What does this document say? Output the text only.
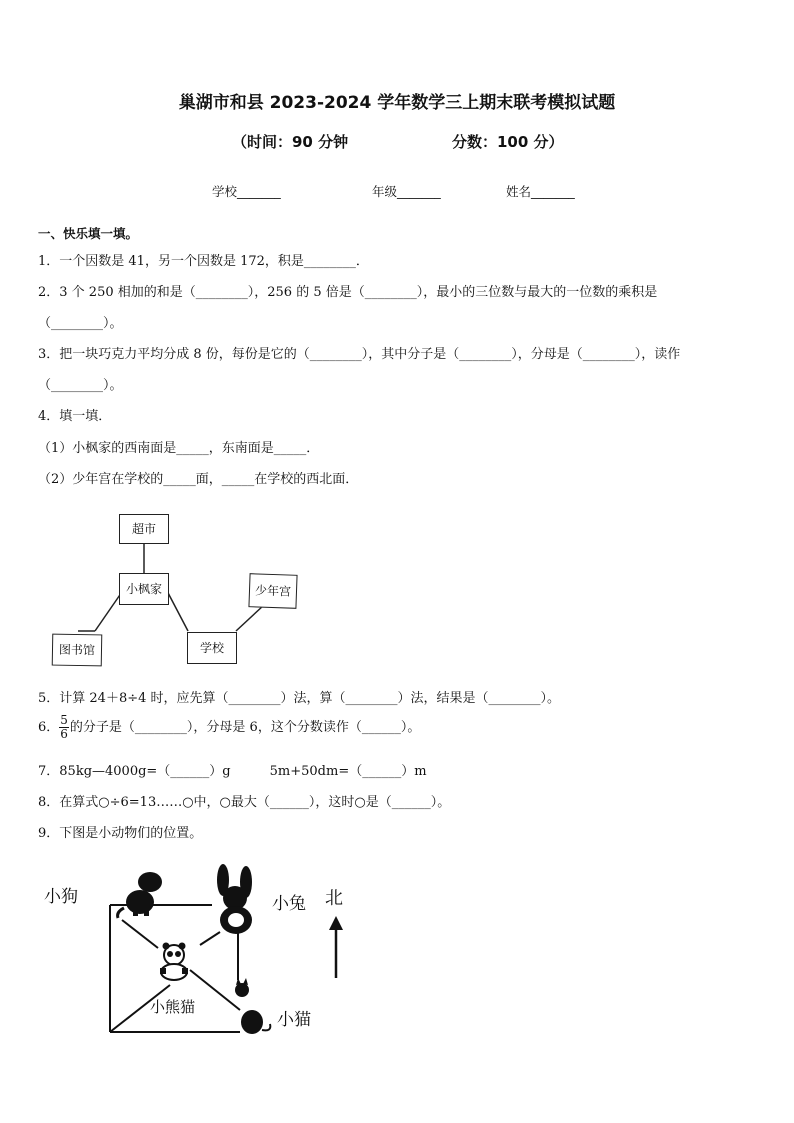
巢湖市和县 2023-2024 学年数学三上期末联考模拟试题
（时间：90 分钟	分数：100 分）
学校_______	年级_______	姓名_______
一、快乐填一填。
1．一个因数是 41，另一个因数是 172，积是________．
2．3 个 250 相加的和是（________），256 的 5 倍是（________），最小的三位数与最大的一位数的乘积是
（________）。
3．把一块巧克力平均分成 8 份，每份是它的（________），其中分子是（________），分母是（________），读作
（________）。
4．填一填．
（1）小枫家的西南面是_____，东南面是_____．
（2）少年宫在学校的_____面，_____在学校的西北面．
超市
小枫家	少年宫
图书馆	学校
5．计算 24＋8÷4 时，应先算（________）法，算（________）法，结果是（________）。
6． $\frac{5}{6}$ 的分子是（________），分母是 6，这个分数读作（______）。
7．85kg—4000g=（______）g　　　5m+50dm=（______）m
8．在算式○÷6=13……○中，○最大（______），这时○是（______）。
9．下图是小动物们的位置。
小狗	小兔
小熊猫
小猫
北
